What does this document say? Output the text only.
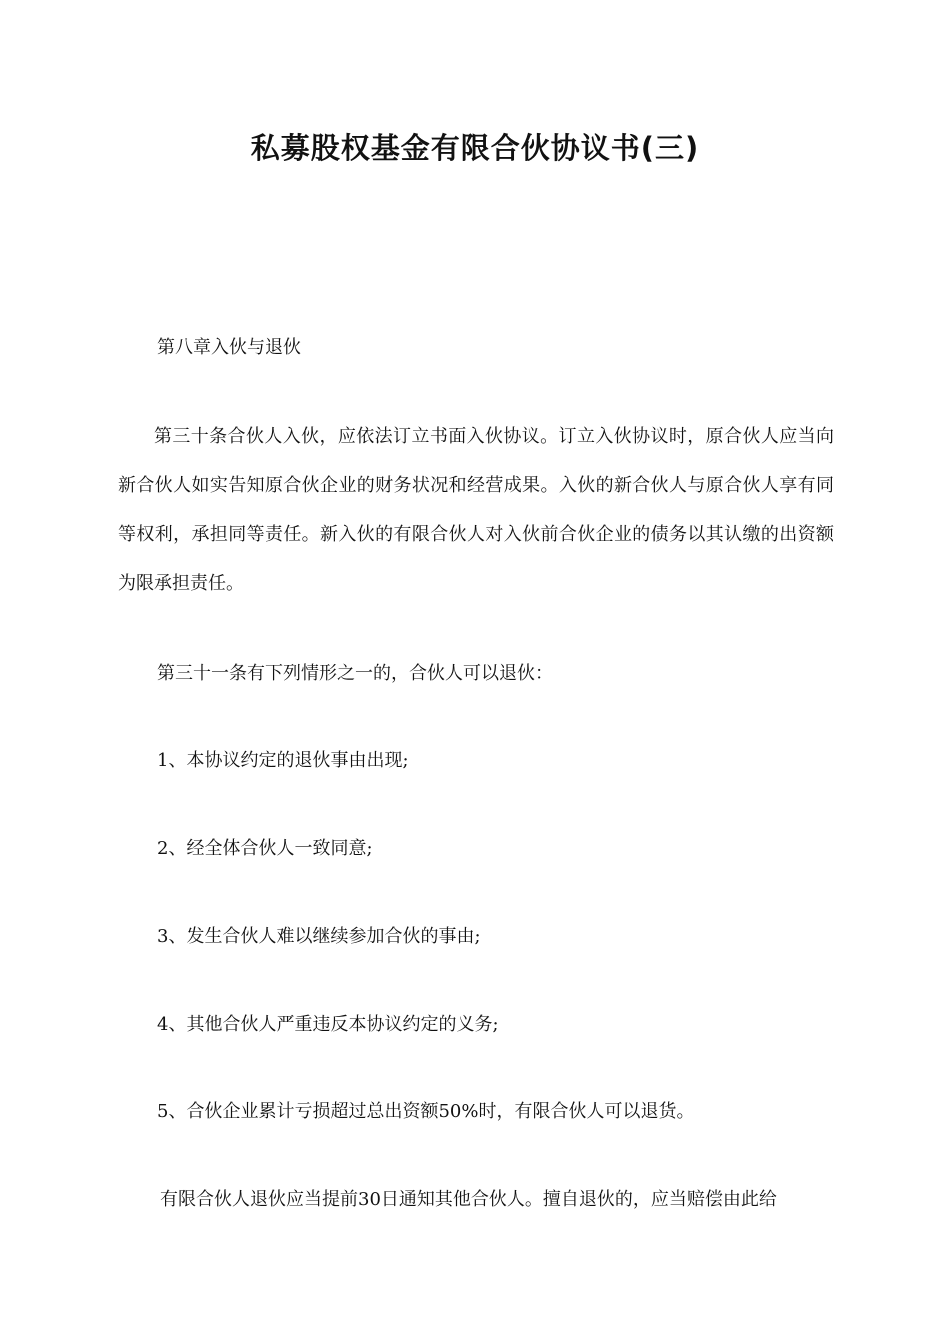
私募股权基金有限合伙协议书(三)

第八章入伙与退伙

第三十条合伙人入伙，应依法订立书面入伙协议。订立入伙协议时，原合伙人应当向新合伙人如实告知原合伙企业的财务状况和经营成果。入伙的新合伙人与原合伙人享有同等权利，承担同等责任。新入伙的有限合伙人对入伙前合伙企业的债务以其认缴的出资额为限承担责任。

第三十一条有下列情形之一的，合伙人可以退伙：

1、本协议约定的退伙事由出现;

2、经全体合伙人一致同意;

3、发生合伙人难以继续参加合伙的事由;

4、其他合伙人严重违反本协议约定的义务;

5、合伙企业累计亏损超过总出资额50%时，有限合伙人可以退货。

有限合伙人退伙应当提前30日通知其他合伙人。擅自退伙的，应当赔偿由此给
